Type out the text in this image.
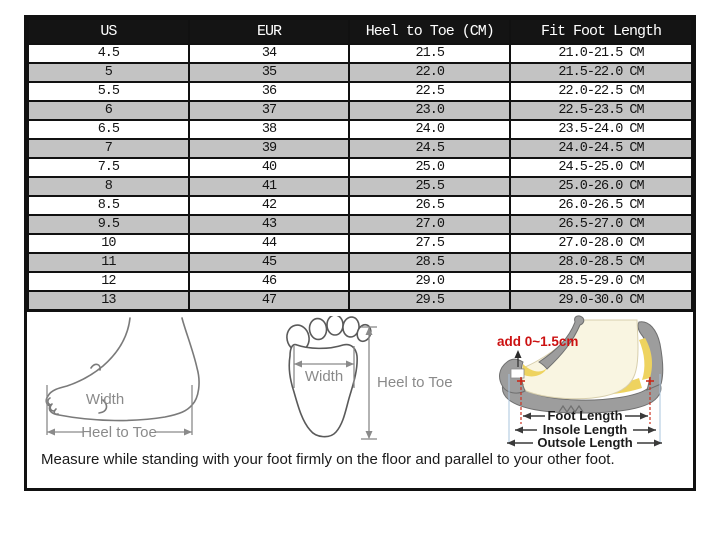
US	EUR	Heel to Toe (CM)	Fit Foot Length
4.5	34	21.5	21.0-21.5 CM
5	35	22.0	21.5-22.0 CM
5.5	36	22.5	22.0-22.5 CM
6	37	23.0	22.5-23.5 CM
6.5	38	24.0	23.5-24.0 CM
7	39	24.5	24.0-24.5 CM
7.5	40	25.0	24.5-25.0 CM
8	41	25.5	25.0-26.0 CM
8.5	42	26.5	26.0-26.5 CM
9.5	43	27.0	26.5-27.0 CM
10	44	27.5	27.0-28.0 CM
11	45	28.5	28.0-28.5 CM
12	46	29.0	28.5-29.0 CM
13	47	29.5	29.0-30.0 CM
Width
Heel to Toe
Width Heel to Toe
add 0~1.5cm
Foot Length
Insole Length
Outsole Length
Measure while standing with your foot firmly on the floor and parallel to your other foot.
